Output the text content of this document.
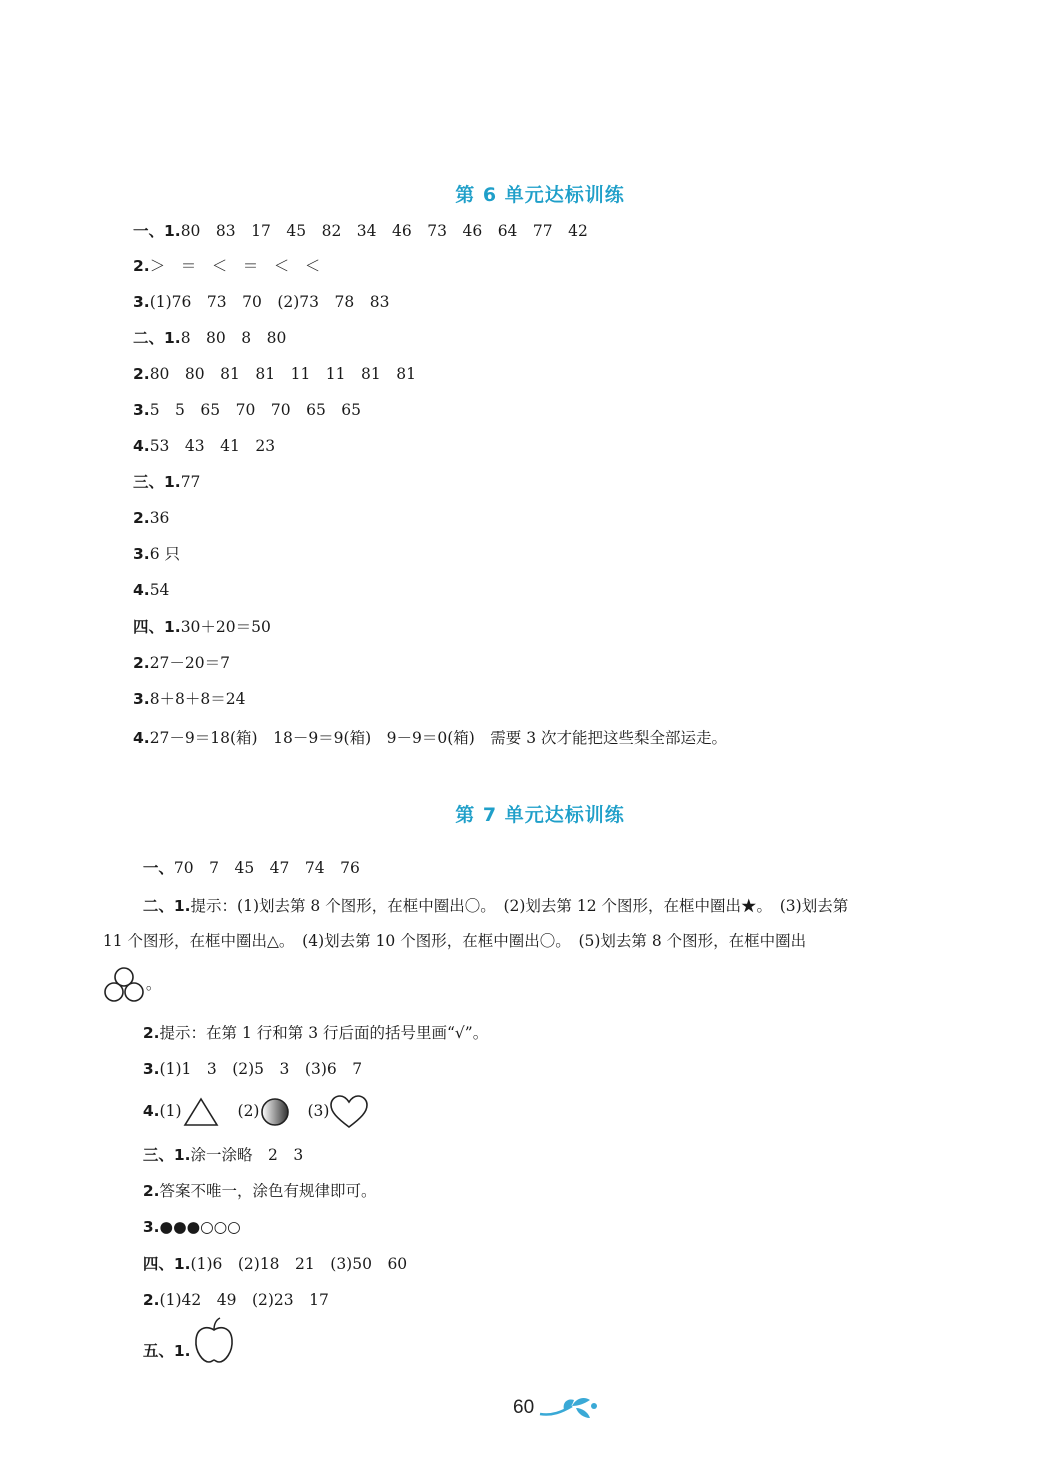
第 6 单元达标训练
一、1.80　83　17　45　82　34　46　73　46　64　77　42
2.＞　＝　＜　＝　＜　＜
3.(1)76　73　70　(2)73　78　83
二、1.8　80　8　80
2.80　80　81　81　11　11　81　81
3.5　5　65　70　70　65　65
4.53　43　41　23
三、1.77
2.36
3.6 只
4.54
四、1.30＋20＝50
2.27－20＝7
3.8＋8＋8＝24
4.27－9＝18(箱)　18－9＝9(箱)　9－9＝0(箱)　需要 3 次才能把这些梨全部运走。
第 7 单元达标训练

一、70　7　45　47　74　76

二、1.提示：(1)划去第 8 个图形，在框中圈出〇。　(2)划去第 12 个图形，在框中圈出★。　(3)划去第

11 个图形，在框中圈出△。　(4)划去第 10 个图形，在框中圈出〇。　(5)划去第 8 个图形，在框中圈出

。

2.提示：在第 1 行和第 3 行后面的括号里画“√”。

3.(1)1　3　(2)5　3　(3)6　7

4.(1)	(2)	(3)

三、1.涂一涂略　2　3

2.答案不唯一，涂色有规律即可。

3.●●●○○○

四、1.(1)6　(2)18　21　(3)50　60

2.(1)42　49　(2)23　17

五、1.

60
